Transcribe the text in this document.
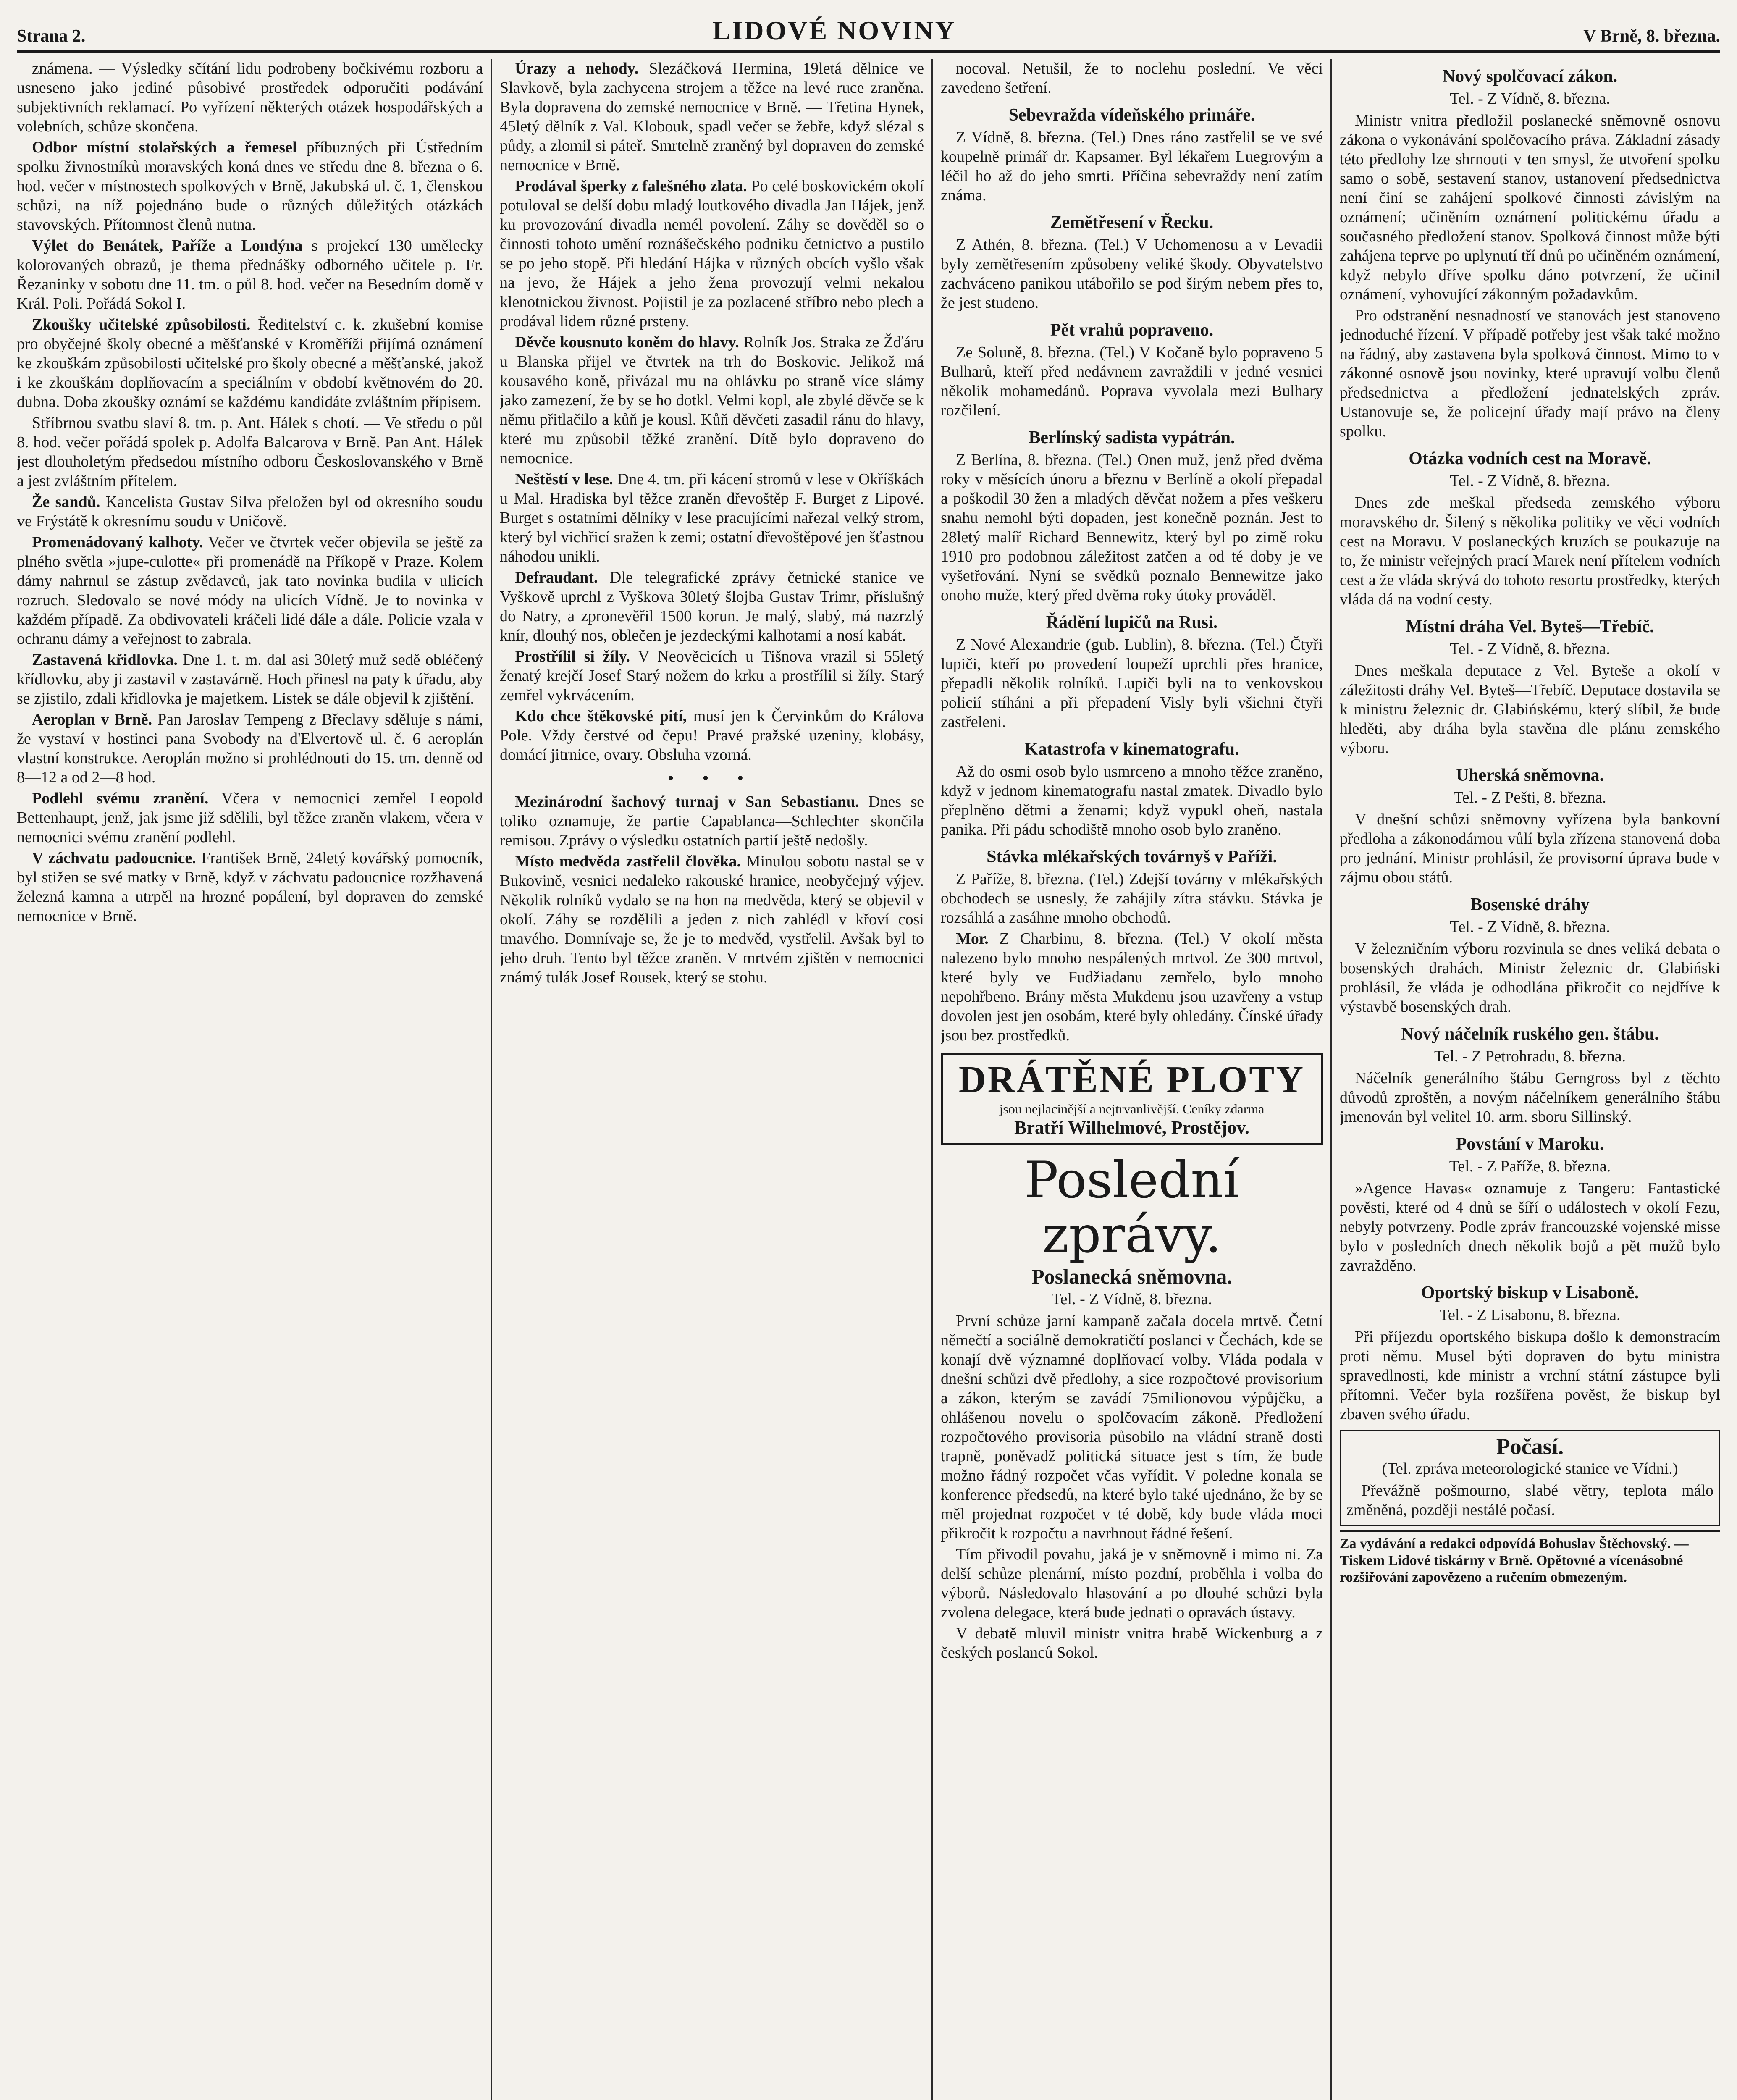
Strana 2.	LIDOVÉ NOVINY	V Brně, 8. března.

známena. — Výsledky sčítání lidu podrobeny bočkivému rozboru a usneseno jako jediné působivé prostředek odporučiti podávání subjektivních reklamací. Po vyřízení některých otázek hospodářských a volebních, schůze skončena.

Odbor místní stolařských a řemesel příbuzných při Ústředním spolku živnostníků moravských koná dnes ve středu dne 8. března o 6. hod. večer v místnostech spolkových v Brně, Jakubská ul. č. 1, členskou schůzi, na níž pojednáno bude o různých důležitých otázkách stavovských. Přítomnost členů nutna.

Výlet do Benátek, Paříže a Londýna s projekcí 130 umělecky kolorovaných obrazů, je thema přednášky odborného učitele p. Fr. Řezaninky v sobotu dne 11. tm. o půl 8. hod. večer na Besedním domě v Král. Poli. Pořádá Sokol I.

Zkoušky učitelské způsobilosti. Ředitelství c. k. zkušební komise pro obyčejné školy obecné a měšťanské v Kroměříži přijímá oznámení ke zkouškám způsobilosti učitelské pro školy obecné a měšťanské, jakož i ke zkouškám doplňovacím a speciálním v období květnovém do 20. dubna. Doba zkoušky oznámí se každému kandidáte zvláštním přípisem.

Stříbrnou svatbu slaví 8. tm. p. Ant. Hálek s chotí. — Ve středu o půl 8. hod. večer pořádá spolek p. Adolfa Balcarova v Brně. Pan Ant. Hálek jest dlouholetým předsedou místního odboru Českoslovanského v Brně a jest zvláštním přítelem.

Že sandů. Kancelista Gustav Silva přeložen byl od okresního soudu ve Frýstátě k okresnímu soudu v Uničově.

Promenádovaný kalhoty. Večer ve čtvrtek večer objevila se ještě za plného světla »jupe-culotte« při promenádě na Příkopě v Praze. Kolem dámy nahrnul se zástup zvědavců, jak tato novinka budila v ulicích rozruch. Sledovalo se nové módy na ulicích Vídně. Je to novinka v každém případě. Za obdivovateli kráčeli lidé dále a dále. Policie vzala v ochranu dámy a veřejnost to zabrala.

Zastavená křidlovka. Dne 1. t. m. dal asi 30letý muž sedě obléčený křídlovku, aby ji zastavil v zastavárně. Hoch přinesl na paty k úřadu, aby se zjistilo, zdali křidlovka je majetkem. Listek se dále objevil k zjištění.

Aeroplan v Brně. Pan Jaroslav Tempeng z Břeclavy sděluje s námi, že vystaví v hostinci pana Svobody na d'Elvertově ul. č. 6 aeroplán vlastní konstrukce. Aeroplán možno si prohlédnouti do 15. tm. denně od 8—12 a od 2—8 hod.

Podlehl svému zranění. Včera v nemocnici zemřel Leopold Bettenhaupt, jenž, jak jsme již sdělili, byl těžce zraněn vlakem, včera v nemocnici svému zranění podlehl.

V záchvatu padoucnice. František Brně, 24letý kovářský pomocník, byl stižen se své matky v Brně, když v záchvatu padoucnice rozžhavená železná kamna a utrpěl na hrozné popálení, byl dopraven do zemské nemocnice v Brně.

Úrazy a nehody. Slezáčková Hermina, 19letá dělnice ve Slavkově, byla zachycena strojem a těžce na levé ruce zraněna. Byla dopravena do zemské nemocnice v Brně. — Třetina Hynek, 45letý dělník z Val. Klobouk, spadl večer se žebře, když slézal s půdy, a zlomil si páteř. Smrtelně zraněný byl dopraven do zemské nemocnice v Brně.

Prodával šperky z falešného zlata. Po celé boskovickém okolí potuloval se delší dobu mladý loutkového divadla Jan Hájek, jenž ku provozování divadla nemél povolení. Záhy se dověděl so o činnosti tohoto umění roznášečského podniku četnictvo a pustilo se po jeho stopě. Při hledání Hájka v různých obcích vyšlo však na jevo, že Hájek a jeho žena provozují velmi nekalou klenotnickou živnost. Pojistil je za pozlacené stříbro nebo plech a prodával lidem různé prsteny.

Děvče kousnuto koněm do hlavy. Rolník Jos. Straka ze Žďáru u Blanska přijel ve čtvrtek na trh do Boskovic. Jelikož má kousavého koně, přivázal mu na ohlávku po straně více slámy jako zamezení, že by se ho dotkl. Velmi kopl, ale zbylé děvče se k němu přitlačilo a kůň je kousl. Kůň děvčeti zasadil ránu do hlavy, které mu způsobil těžké zranění. Dítě bylo dopraveno do nemocnice.

Neštěstí v lese. Dne 4. tm. při kácení stromů v lese v Okříškách u Mal. Hradiska byl těžce zraněn dřevoštěp F. Burget z Lipové. Burget s ostatními dělníky v lese pracujícími nařezal velký strom, který byl vichřicí sražen k zemi; ostatní dřevoštěpové jen šťastnou náhodou unikli.

Defraudant. Dle telegrafické zprávy četnické stanice ve Vyškově uprchl z Vyškova 30letý šlojba Gustav Trimr, příslušný do Natry, a zpronevěřil 1500 korun. Je malý, slabý, má nazrzlý knír, dlouhý nos, oblečen je jezdeckými kalhotami a nosí kabát.

Prostřílil si žíly. V Neověcicích u Tišnova vrazil si 55letý ženatý krejčí Josef Starý nožem do krku a prostřílil si žíly. Starý zemřel vykrvácením.

Kdo chce štěkovské pití, musí jen k Červinkům do Králova Pole. Vždy čerstvé od čepu! Pravé pražské uzeniny, klobásy, domácí jitrnice, ovary. Obsluha vzorná.

• • •

Mezinárodní šachový turnaj v San Sebastianu. Dnes se toliko oznamuje, že partie Capablanca—Schlechter skončila remisou. Zprávy o výsledku ostatních partií ještě nedošly.

Místo medvěda zastřelil člověka. Minulou sobotu nastal se v Bukovině, vesnici nedaleko rakouské hranice, neobyčejný výjev. Několik rolníků vydalo se na hon na medvěda, který se objevil v okolí. Záhy se rozdělili a jeden z nich zahlédl v křoví cosi tmavého. Domnívaje se, že je to medvěd, vystřelil. Avšak byl to jeho druh. Tento byl těžce zraněn. V mrtvém zjištěn v nemocnici známý tulák Josef Rousek, který se stohu.

nocoval. Netušil, že to noclehu poslední. Ve věci zavedeno šetření.

Sebevražda vídeňského primáře.

Z Vídně, 8. března. (Tel.) Dnes ráno zastřelil se ve své koupelně primář dr. Kapsamer. Byl lékařem Luegrovým a léčil ho až do jeho smrti. Příčina sebevraždy není zatím známa.

Zemětřesení v Řecku.

Z Athén, 8. března. (Tel.) V Uchomenosu a v Levadii byly zemětřesením způsobeny veliké škody. Obyvatelstvo zachváceno panikou utábořilo se pod širým nebem přes to, že jest studeno.

Pět vrahů popraveno.

Ze Soluně, 8. března. (Tel.) V Kočaně bylo popraveno 5 Bulharů, kteří před nedávnem zavraždili v jedné vesnici několik mohamedánů. Poprava vyvolala mezi Bulhary rozčilení.

Berlínský sadista vypátrán.

Z Berlína, 8. března. (Tel.) Onen muž, jenž před dvěma roky v měsících únoru a březnu v Berlíně a okolí přepadal a poškodil 30 žen a mladých děvčat nožem a přes veškeru snahu nemohl býti dopaden, jest konečně poznán. Jest to 28letý malíř Richard Bennewitz, který byl po zimě roku 1910 pro podobnou záležitost zatčen a od té doby je ve vyšetřování. Nyní se svědků poznalo Bennewitze jako onoho muže, který před dvěma roky útoky prováděl.

Řádění lupičů na Rusi.

Z Nové Alexandrie (gub. Lublin), 8. března. (Tel.) Čtyři lupiči, kteří po provedení loupeží uprchli přes hranice, přepadli několik rolníků. Lupiči byli na to venkovskou policií stíháni a při přepadení Visly byli všichni čtyři zastřeleni.

Katastrofa v kinematografu.

Až do osmi osob bylo usmrceno a mnoho těžce zraněno, když v jednom kinematografu nastal zmatek. Divadlo bylo přeplněno dětmi a ženami; když vypukl oheň, nastala panika. Při pádu schodiště mnoho osob bylo zraněno.

Stávka mlékařských továrnyš v Paříži.

Z Paříže, 8. března. (Tel.) Zdejší továrny v mlékařských obchodech se usnesly, že zahájily zítra stávku. Stávka je rozsáhlá a zasáhne mnoho obchodů.

Mor. Z Charbinu, 8. března. (Tel.) V okolí města nalezeno bylo mnoho nespálených mrtvol. Ze 300 mrtvol, které byly ve Fudžiadanu zemřelo, bylo mnoho nepohřbeno. Brány města Mukdenu jsou uzavřeny a vstup dovolen jest jen osobám, které byly ohledány. Čínské úřady jsou bez prostředků.

DRÁTĚNÉ PLOTY
jsou nejlacinější a nejtrvanlivější. Ceníky zdarma
Bratří Wilhelmové, Prostějov.
Poslední zprávy.
Poslanecká sněmovna.
Tel. - Z Vídně, 8. března.

První schůze jarní kampaně začala docela mrtvě. Četní němečtí a sociálně demokratičtí poslanci v Čechách, kde se konají dvě významné doplňovací volby. Vláda podala v dnešní schůzi dvě předlohy, a sice rozpočtové provisorium a zákon, kterým se zavádí 75milionovou výpůjčku, a ohlášenou novelu o spolčovacím zákoně. Předložení rozpočtového provisoria působilo na vládní straně dosti trapně, poněvadž politická situace jest s tím, že bude možno řádný rozpočet včas vyřídit. V poledne konala se konference předsedů, na které bylo také ujednáno, že by se měl projednat rozpočet v té době, kdy bude vláda moci přikročit k rozpočtu a navrhnout řádné řešení.

Tím přivodil povahu, jaká je v sněmovně i mimo ni. Za delší schůze plenární, místo pozdní, proběhla i volba do výborů. Následovalo hlasování a po dlouhé schůzi byla zvolena delegace, která bude jednati o opravách ústavy.

V debatě mluvil ministr vnitra hrabě Wickenburg a z českých poslanců Sokol.

Nový spolčovací zákon.
Tel. - Z Vídně, 8. března.

Ministr vnitra předložil poslanecké sněmovně osnovu zákona o vykonávání spolčovacího práva. Základní zásady této předlohy lze shrnouti v ten smysl, že utvoření spolku samo o sobě, sestavení stanov, ustanovení předsednictva není činí se zahájení spolkové činnosti závislým na oznámení; učiněním oznámení politickému úřadu a současného předložení stanov. Spolková činnost může býti zahájena teprve po uplynutí tří dnů po učiněném oznámení, když nebylo dříve spolku dáno potvrzení, že učinil oznámení, vyhovující zákonným požadavkům.

Pro odstranění nesnadností ve stanovách jest stanoveno jednoduché řízení. V případě potřeby jest však také možno na řádný, aby zastavena byla spolková činnost. Mimo to v zákonné osnově jsou novinky, které upravují volbu členů předsednictva a předložení jednatelských zpráv. Ustanovuje se, že policejní úřady mají právo na členy spolku.

Otázka vodních cest na Moravě.
Tel. - Z Vídně, 8. března.

Dnes zde meškal předseda zemského výboru moravského dr. Šilený s několika politiky ve věci vodních cest na Moravu. V poslaneckých kruzích se poukazuje na to, že ministr veřejných prací Marek není přítelem vodních cest a že vláda skrývá do tohoto resortu prostředky, kterých vláda dá na vodní cesty.

Místní dráha Vel. Byteš—Třebíč.
Tel. - Z Vídně, 8. března.

Dnes meškala deputace z Vel. Byteše a okolí v záležitosti dráhy Vel. Byteš—Třebíč. Deputace dostavila se k ministru železnic dr. Glabińskému, který slíbil, že bude hleděti, aby dráha byla stavěna dle plánu zemského výboru.

Uherská sněmovna.
Tel. - Z Pešti, 8. března.

V dnešní schůzi sněmovny vyřízena byla bankovní předloha a zákonodárnou vůlí byla zřízena stanovená doba pro jednání. Ministr prohlásil, že provisorní úprava bude v zájmu obou států.

Bosenské dráhy
Tel. - Z Vídně, 8. března.

V železničním výboru rozvinula se dnes veliká debata o bosenských drahách. Ministr železnic dr. Glabiński prohlásil, že vláda je odhodlána přikročit co nejdříve k výstavbě bosenských drah.

Nový náčelník ruského gen. štábu.
Tel. - Z Petrohradu, 8. března.

Náčelník generálního štábu Gerngross byl z těchto důvodů zproštěn, a novým náčelníkem generálního štábu jmenován byl velitel 10. arm. sboru Sillinský.

Povstání v Maroku.
Tel. - Z Paříže, 8. března.

»Agence Havas« oznamuje z Tangeru: Fantastické pověsti, které od 4 dnů se šíří o událostech v okolí Fezu, nebyly potvrzeny. Podle zpráv francouzské vojenské misse bylo v posledních dnech několik bojů a pět mužů bylo zavražděno.

Oportský biskup v Lisaboně.
Tel. - Z Lisabonu, 8. března.

Při příjezdu oportského biskupa došlo k demonstracím proti němu. Musel býti dopraven do bytu ministra spravedlnosti, kde ministr a vrchní státní zástupce byli přítomni. Večer byla rozšířena pověst, že biskup byl zbaven svého úřadu.

Počasí.
(Tel. zpráva meteorologické stanice ve Vídni.)

Převážně pošmourno, slabé větry, teplota málo změněná, později nestálé počasí.

Za vydávání a redakci odpovídá Bohuslav Štěchovský. — Tiskem Lidové tiskárny v Brně. Opětovné a vícenásobné rozšiřování zapovězeno a ručením obmezeným.
